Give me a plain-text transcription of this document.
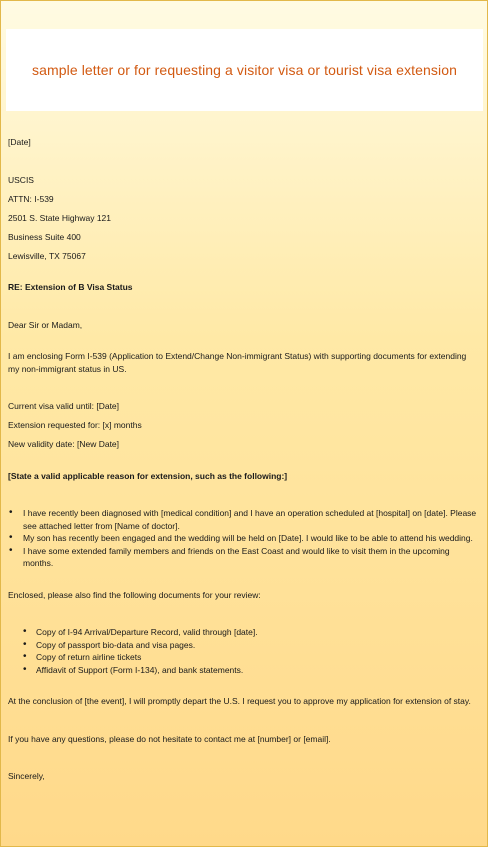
sample letter or for requesting a visitor visa or tourist visa extension

[Date]

USCIS

ATTN: I-539

2501 S. State Highway 121

Business Suite 400

Lewisville, TX 75067

RE: Extension of B Visa Status

Dear Sir or Madam,

I am enclosing Form I-539 (Application to Extend/Change Non-immigrant Status) with supporting documents for extending my non-immigrant status in US.

Current visa valid until: [Date]

Extension requested for: [x] months

New validity date: [New Date]

[State a valid applicable reason for extension, such as the following:]

• I have recently been diagnosed with [medical condition] and I have an operation scheduled at [hospital] on [date]. Please see attached letter from [Name of doctor].
• My son has recently been engaged and the wedding will be held on [Date]. I would like to be able to attend his wedding.
• I have some extended family members and friends on the East Coast and would like to visit them in the upcoming months.

Enclosed, please also find the following documents for your review:

• Copy of I-94 Arrival/Departure Record, valid through [date].
• Copy of passport bio-data and visa pages.
• Copy of return airline tickets
• Affidavit of Support (Form I-134), and bank statements.

At the conclusion of [the event], I will promptly depart the U.S. I request you to approve my application for extension of stay.

If you have any questions, please do not hesitate to contact me at [number] or [email].

Sincerely,
